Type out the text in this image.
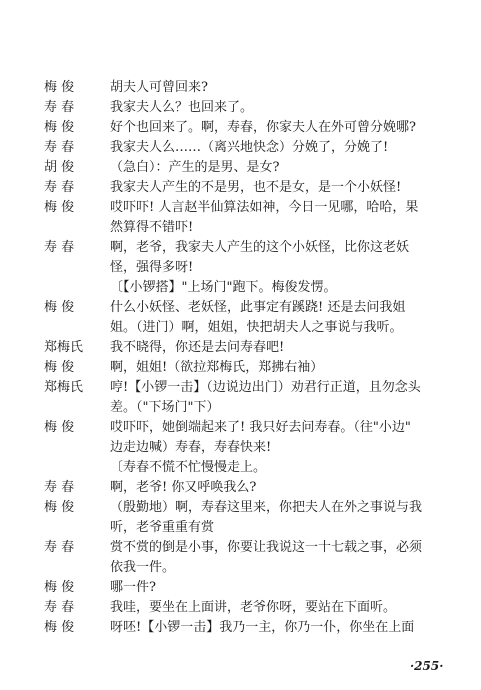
梅 俊	胡夫人可曾回来?
寿 春	我家夫人么？也回来了。
梅 俊	好个也回来了。啊，寿春，你家夫人在外可曾分娩哪?
寿 春	我家夫人么……（离兴地快念）分娩了，分娩了!
胡 俊	（急白）：产生的是男、是女?
寿 春	我家夫人产生的不是男，也不是女，是一个小妖怪!
梅 俊	哎吓吓! 人言赵半仙算法如神，今日一见哪，哈哈，果
然算得不错吓!
寿 春	啊，老爷，我家夫人产生的这个小妖怪，比你这老妖
怪，强得多呀!
〔【小锣搭】"上场门"跑下。梅俊发愣。
梅 俊	什么小妖怪、老妖怪，此事定有蹊跷! 还是去问我姐
姐。（进门）啊，姐姐，快把胡夫人之事说与我听。
郑梅氏	我不晓得，你还是去问寿春吧!
梅 俊	啊，姐姐!（欲拉郑梅氏，郑拂右袖）
郑梅氏	哼!【小锣一击】（边说边出门）劝君行正道，且勿念头
差。（"下场门"下）
梅 俊	哎吓吓，她倒端起来了! 我只好去问寿春。（往"小边"
边走边喊）寿春，寿春快来!
〔寿春不慌不忙慢慢走上。
寿 春	啊，老爷! 你又呼唤我么?
梅 俊	（殷勤地）啊，寿春这里来，你把夫人在外之事说与我
听，老爷重重有赏
寿 春	赏不赏的倒是小事，你要让我说这一十七载之事，必须
依我一件。
梅 俊	哪一件?
寿 春	我哇，要坐在上面讲，老爷你呀，要站在下面听。
梅 俊	呀呸!【小锣一击】我乃一主，你乃一仆，你坐在上面
·255·
